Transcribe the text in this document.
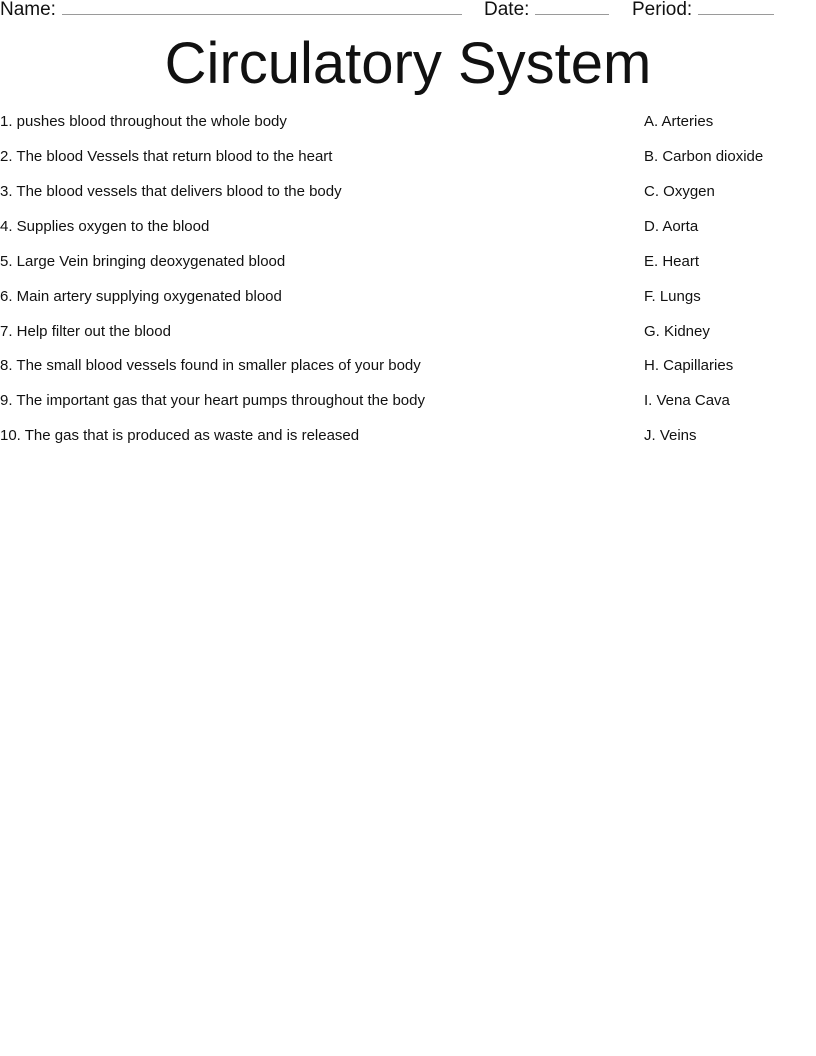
Name:	Date:	Period:
Circulatory System
1. pushes blood throughout the whole body
2. The blood Vessels that return blood to the heart
3. The blood vessels that delivers blood to the body
4. Supplies oxygen to the blood
5. Large Vein bringing deoxygenated blood
6. Main artery supplying oxygenated blood
7. Help filter out the blood
8. The small blood vessels found in smaller places of your body
9. The important gas that your heart pumps throughout the body
10. The gas that is produced as waste and is released
A. Arteries
B. Carbon dioxide
C. Oxygen
D. Aorta
E. Heart
F. Lungs
G. Kidney
H. Capillaries
I. Vena Cava
J. Veins
